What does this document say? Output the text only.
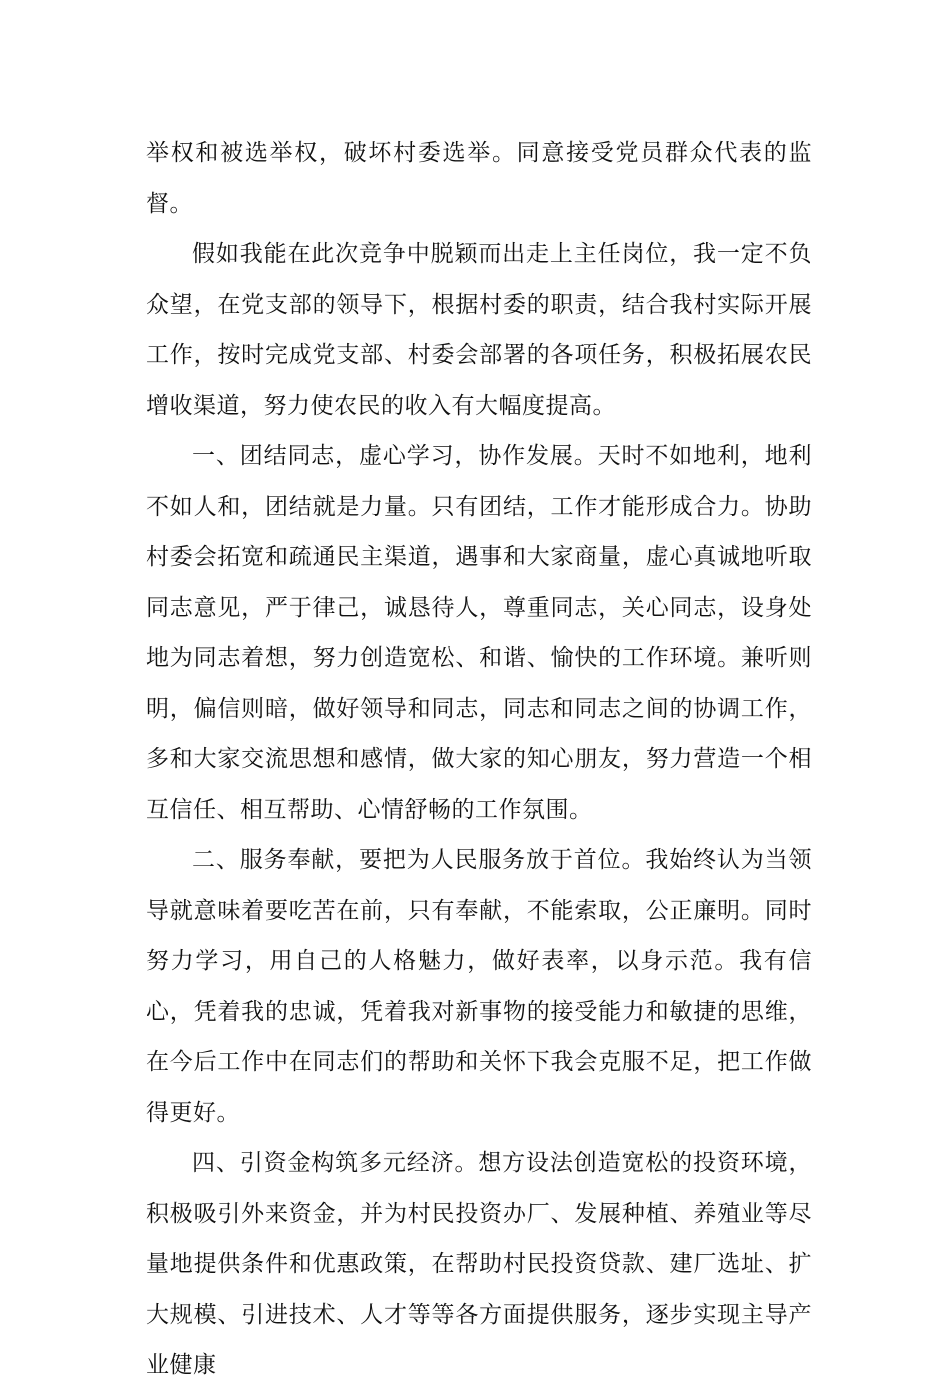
举权和被选举权，破坏村委选举。同意接受党员群众代表的监督。

假如我能在此次竞争中脱颖而出走上主任岗位，我一定不负众望，在党支部的领导下，根据村委的职责，结合我村实际开展工作，按时完成党支部、村委会部署的各项任务，积极拓展农民增收渠道，努力使农民的收入有大幅度提高。

一、团结同志，虚心学习，协作发展。天时不如地利，地利不如人和，团结就是力量。只有团结，工作才能形成合力。协助村委会拓宽和疏通民主渠道，遇事和大家商量，虚心真诚地听取同志意见，严于律己，诚恳待人，尊重同志，关心同志，设身处地为同志着想，努力创造宽松、和谐、愉快的工作环境。兼听则明，偏信则暗，做好领导和同志，同志和同志之间的协调工作，多和大家交流思想和感情，做大家的知心朋友，努力营造一个相互信任、相互帮助、心情舒畅的工作氛围。

二、服务奉献，要把为人民服务放于首位。我始终认为当领导就意味着要吃苦在前，只有奉献，不能索取，公正廉明。同时努力学习，用自己的人格魅力，做好表率，以身示范。我有信心，凭着我的忠诚，凭着我对新事物的接受能力和敏捷的思维，在今后工作中在同志们的帮助和关怀下我会克服不足，把工作做得更好。

四、引资金构筑多元经济。想方设法创造宽松的投资环境，积极吸引外来资金，并为村民投资办厂、发展种植、养殖业等尽量地提供条件和优惠政策，在帮助村民投资贷款、建厂选址、扩大规模、引进技术、人才等等各方面提供服务，逐步实现主导产业健康
